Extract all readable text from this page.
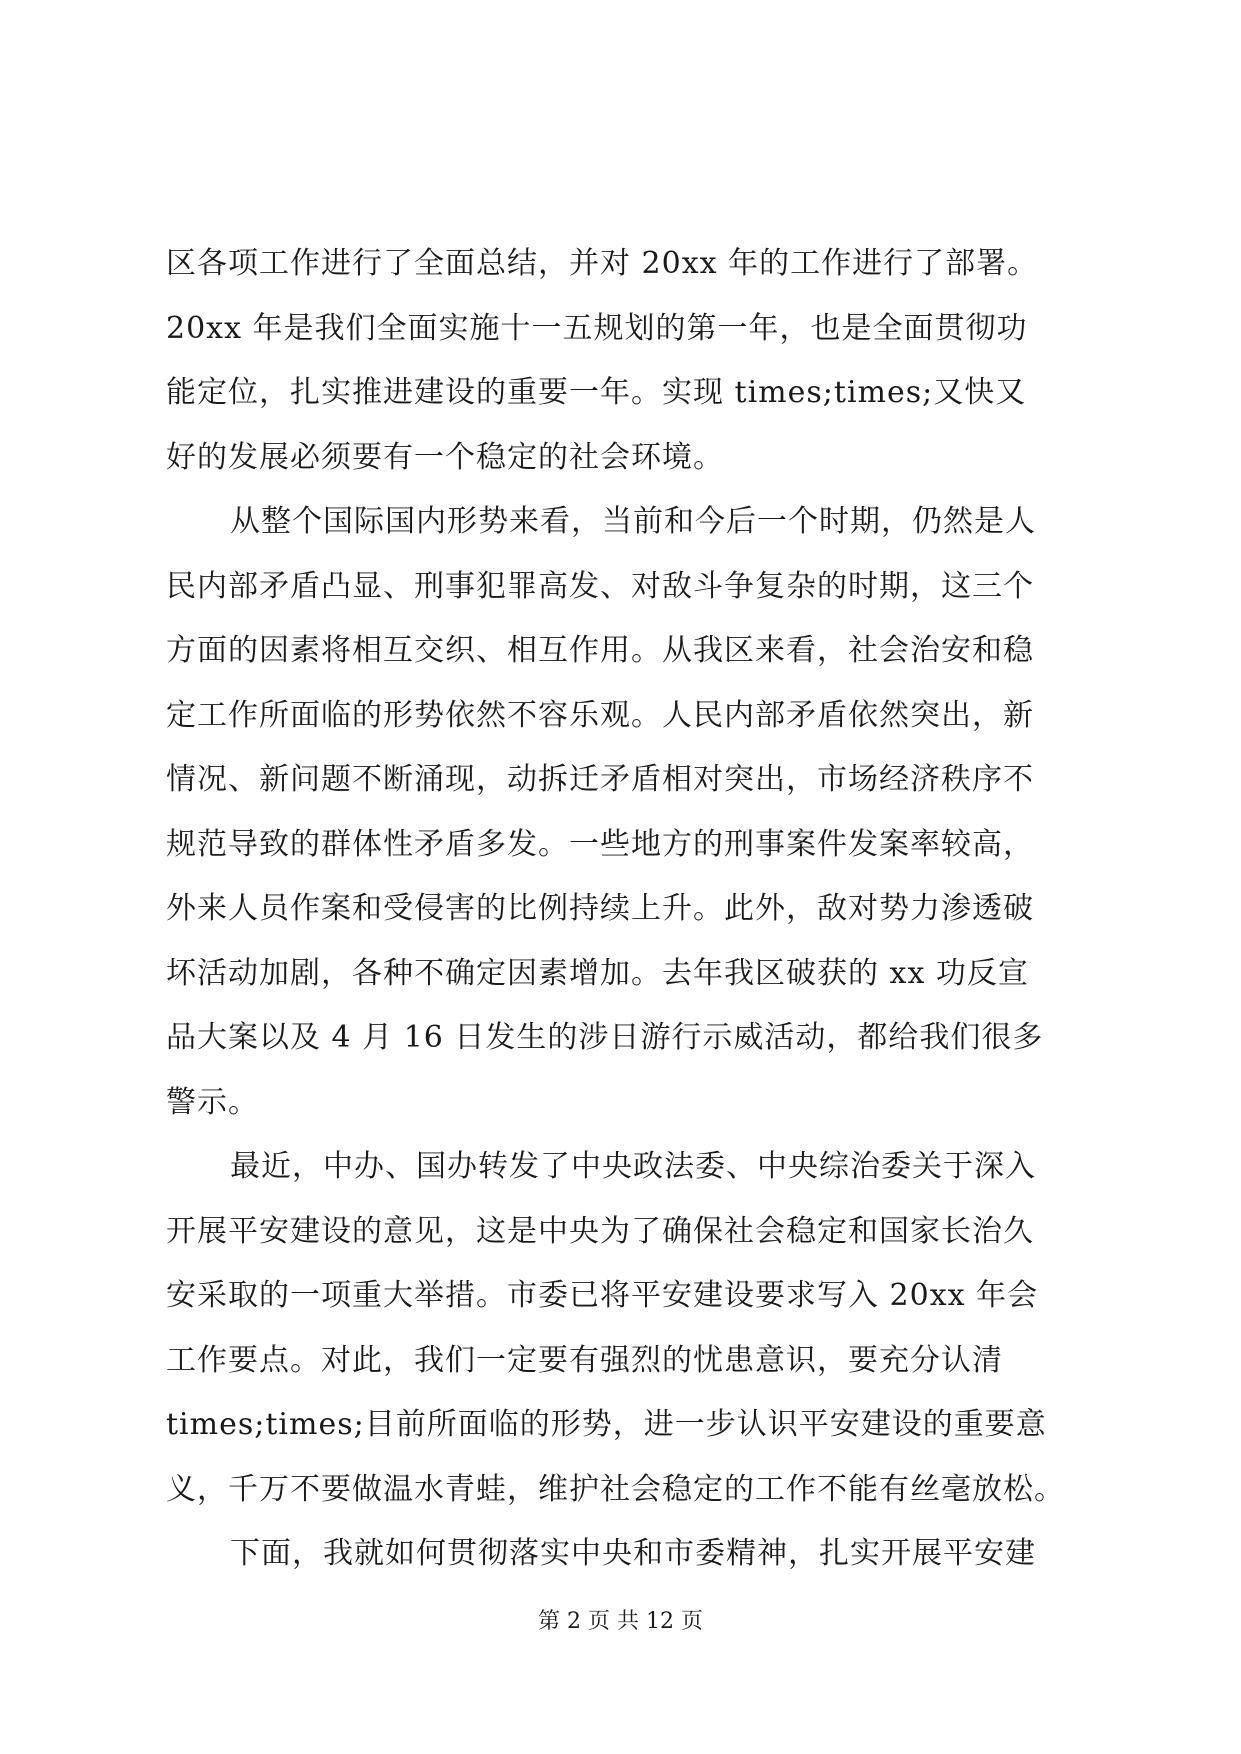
区各项工作进行了全面总结，并对 20xx 年的工作进行了部署。
20xx 年是我们全面实施十一五规划的第一年，也是全面贯彻功
能定位，扎实推进建设的重要一年。实现 times;times;又快又
好的发展必须要有一个稳定的社会环境。
从整个国际国内形势来看，当前和今后一个时期，仍然是人
民内部矛盾凸显、刑事犯罪高发、对敌斗争复杂的时期，这三个
方面的因素将相互交织、相互作用。从我区来看，社会治安和稳
定工作所面临的形势依然不容乐观。人民内部矛盾依然突出，新
情况、新问题不断涌现，动拆迁矛盾相对突出，市场经济秩序不
规范导致的群体性矛盾多发。一些地方的刑事案件发案率较高，
外来人员作案和受侵害的比例持续上升。此外，敌对势力渗透破
坏活动加剧，各种不确定因素增加。去年我区破获的 xx 功反宣
品大案以及 4 月 16 日发生的涉日游行示威活动，都给我们很多
警示。
最近，中办、国办转发了中央政法委、中央综治委关于深入
开展平安建设的意见，这是中央为了确保社会稳定和国家长治久
安采取的一项重大举措。市委已将平安建设要求写入 20xx 年会
工作要点。对此，我们一定要有强烈的忧患意识，要充分认清
times;times;目前所面临的形势，进一步认识平安建设的重要意
义，千万不要做温水青蛙，维护社会稳定的工作不能有丝毫放松。
下面，我就如何贯彻落实中央和市委精神，扎实开展平安建
第 2 页 共 12 页
